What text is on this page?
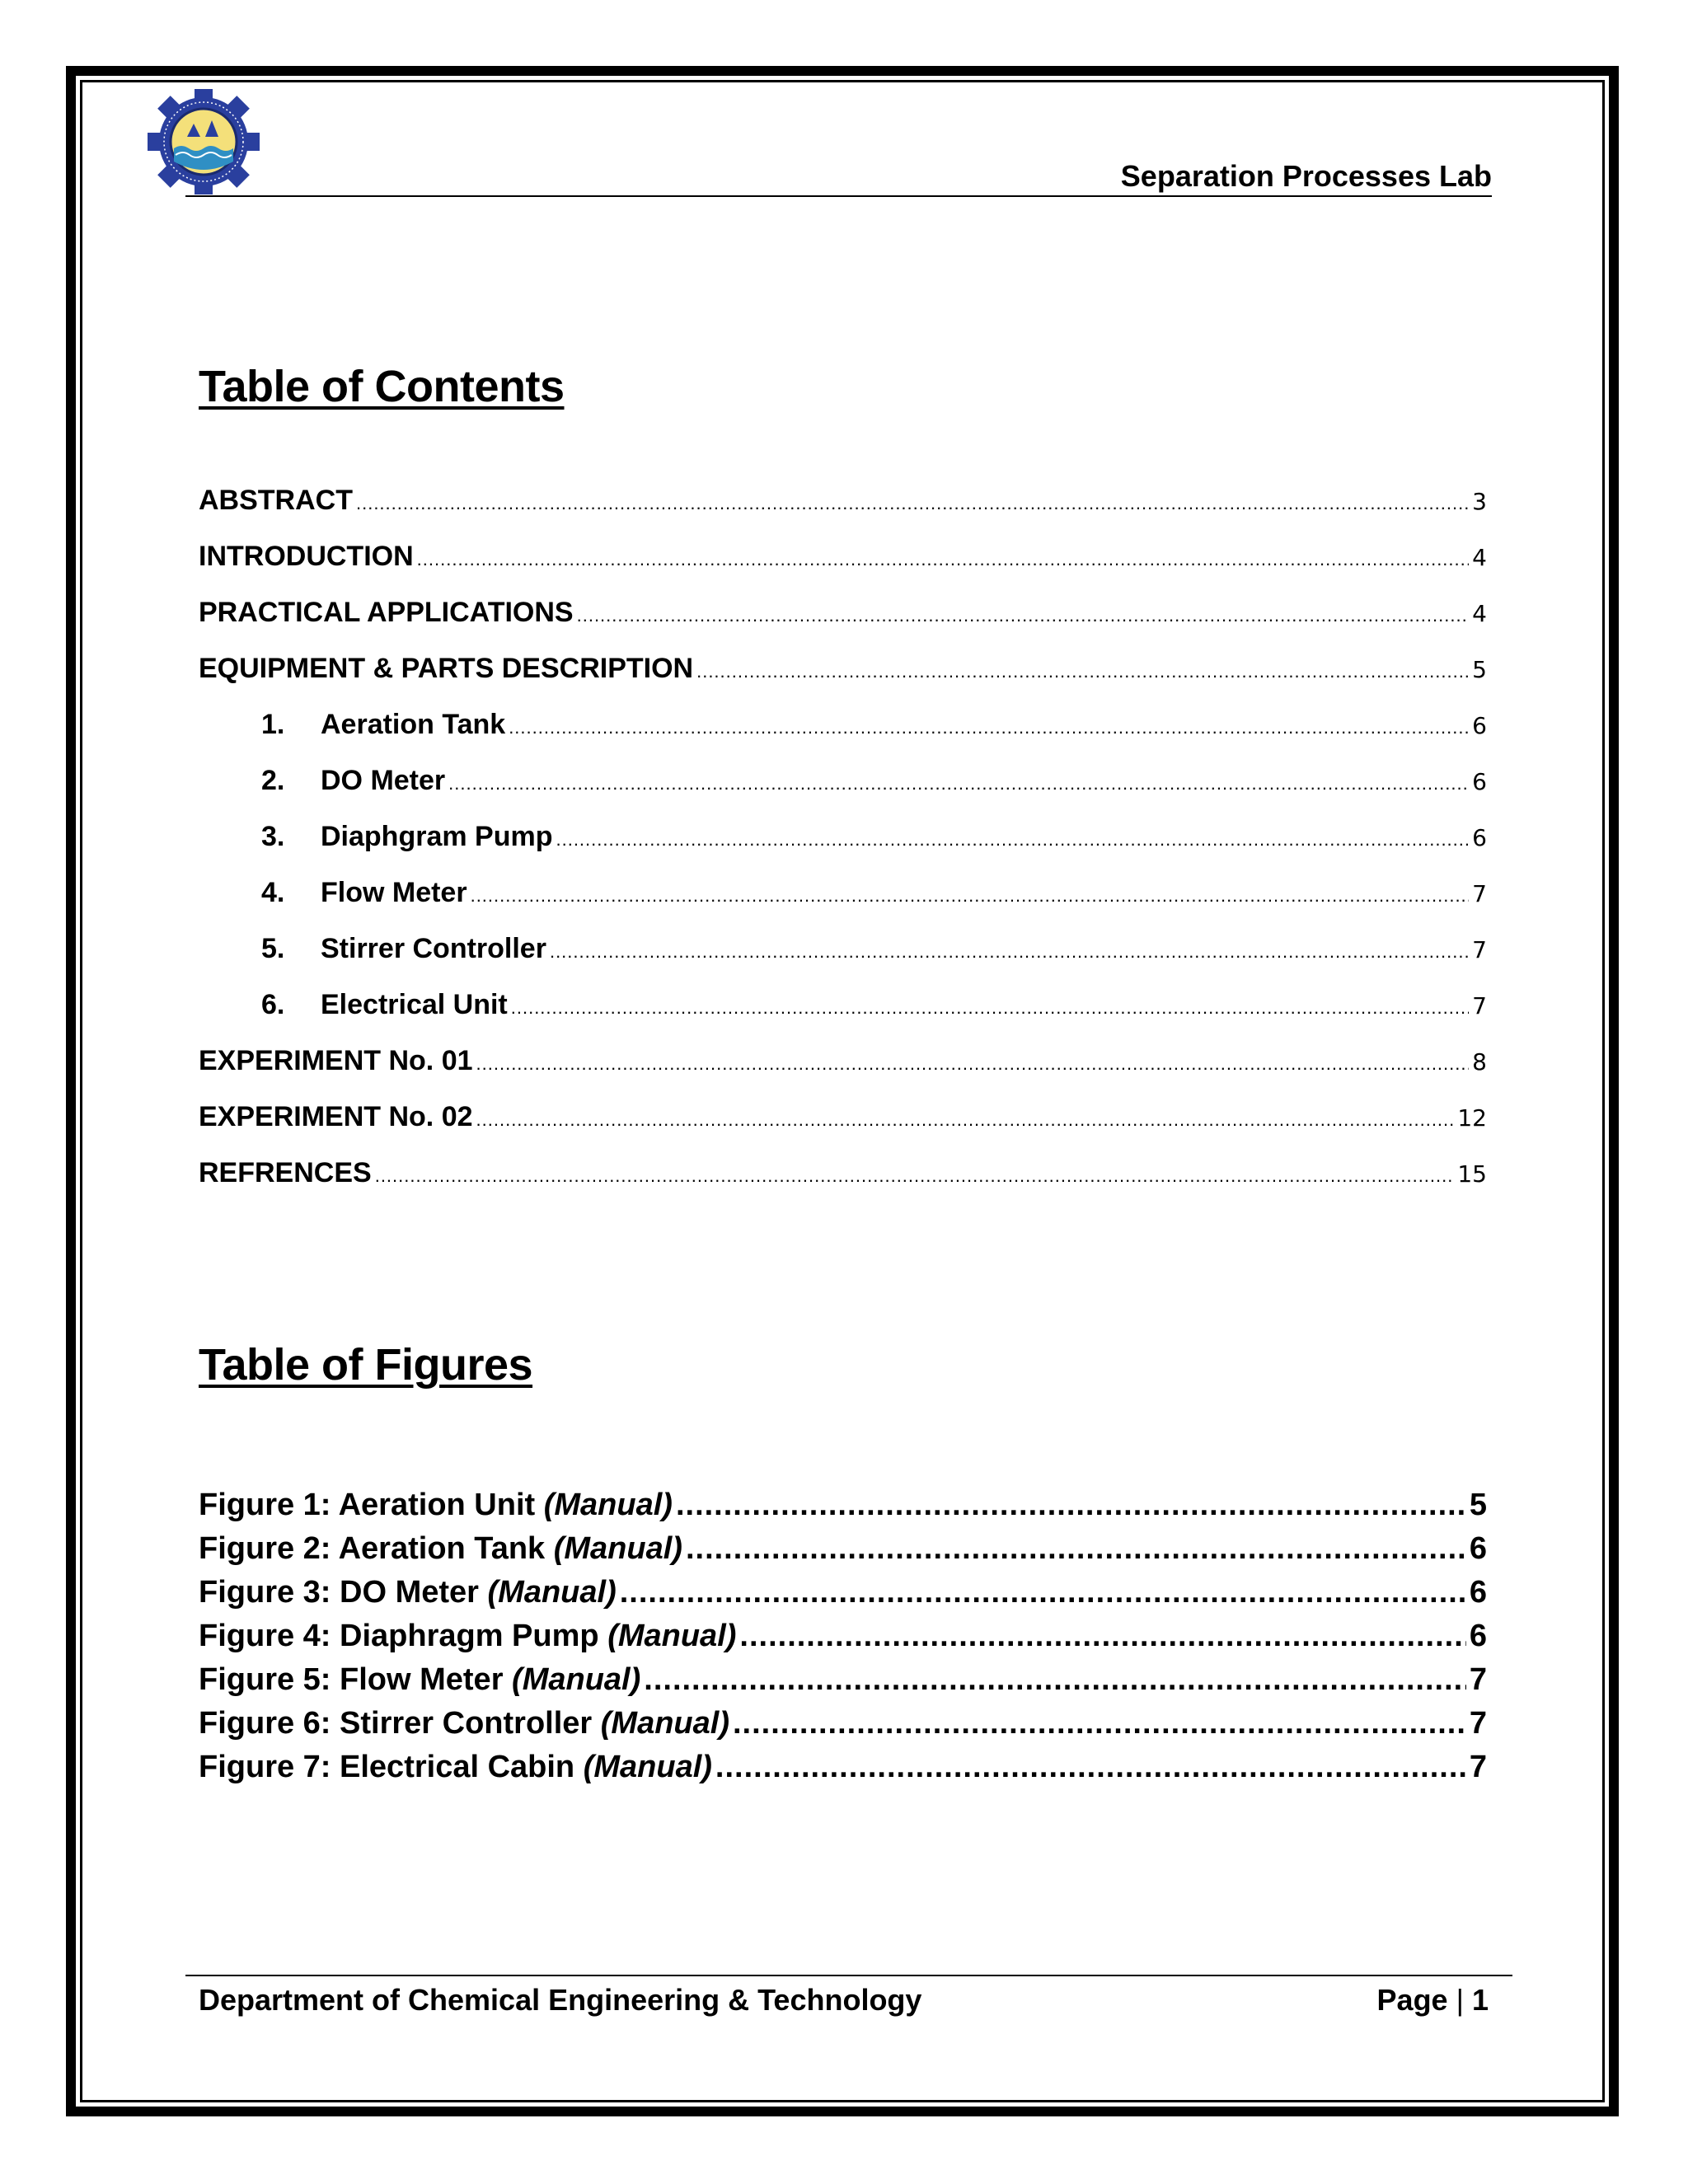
Separation Processes Lab
Table of Contents
ABSTRACT .....	3
INTRODUCTION .....	4
PRACTICAL APPLICATIONS .....	4
EQUIPMENT & PARTS DESCRIPTION .....	5
1. Aeration Tank .....	6
2. DO Meter .....	6
3. Diaphgram Pump .....	6
4. Flow Meter .....	7
5. Stirrer Controller .....	7
6. Electrical Unit .....	7
EXPERIMENT No. 01 .....	8
EXPERIMENT No. 02 .....	12
REFRENCES .....	15
Table of Figures
Figure 1: Aeration Unit (Manual) .....	5
Figure 2: Aeration Tank (Manual) .....	6
Figure 3: DO Meter (Manual) .....	6
Figure 4: Diaphragm Pump (Manual) .....	6
Figure 5: Flow Meter (Manual) .....	7
Figure 6: Stirrer Controller (Manual) .....	7
Figure 7: Electrical Cabin (Manual) .....	7
Department of Chemical Engineering & Technology	Page | 1
